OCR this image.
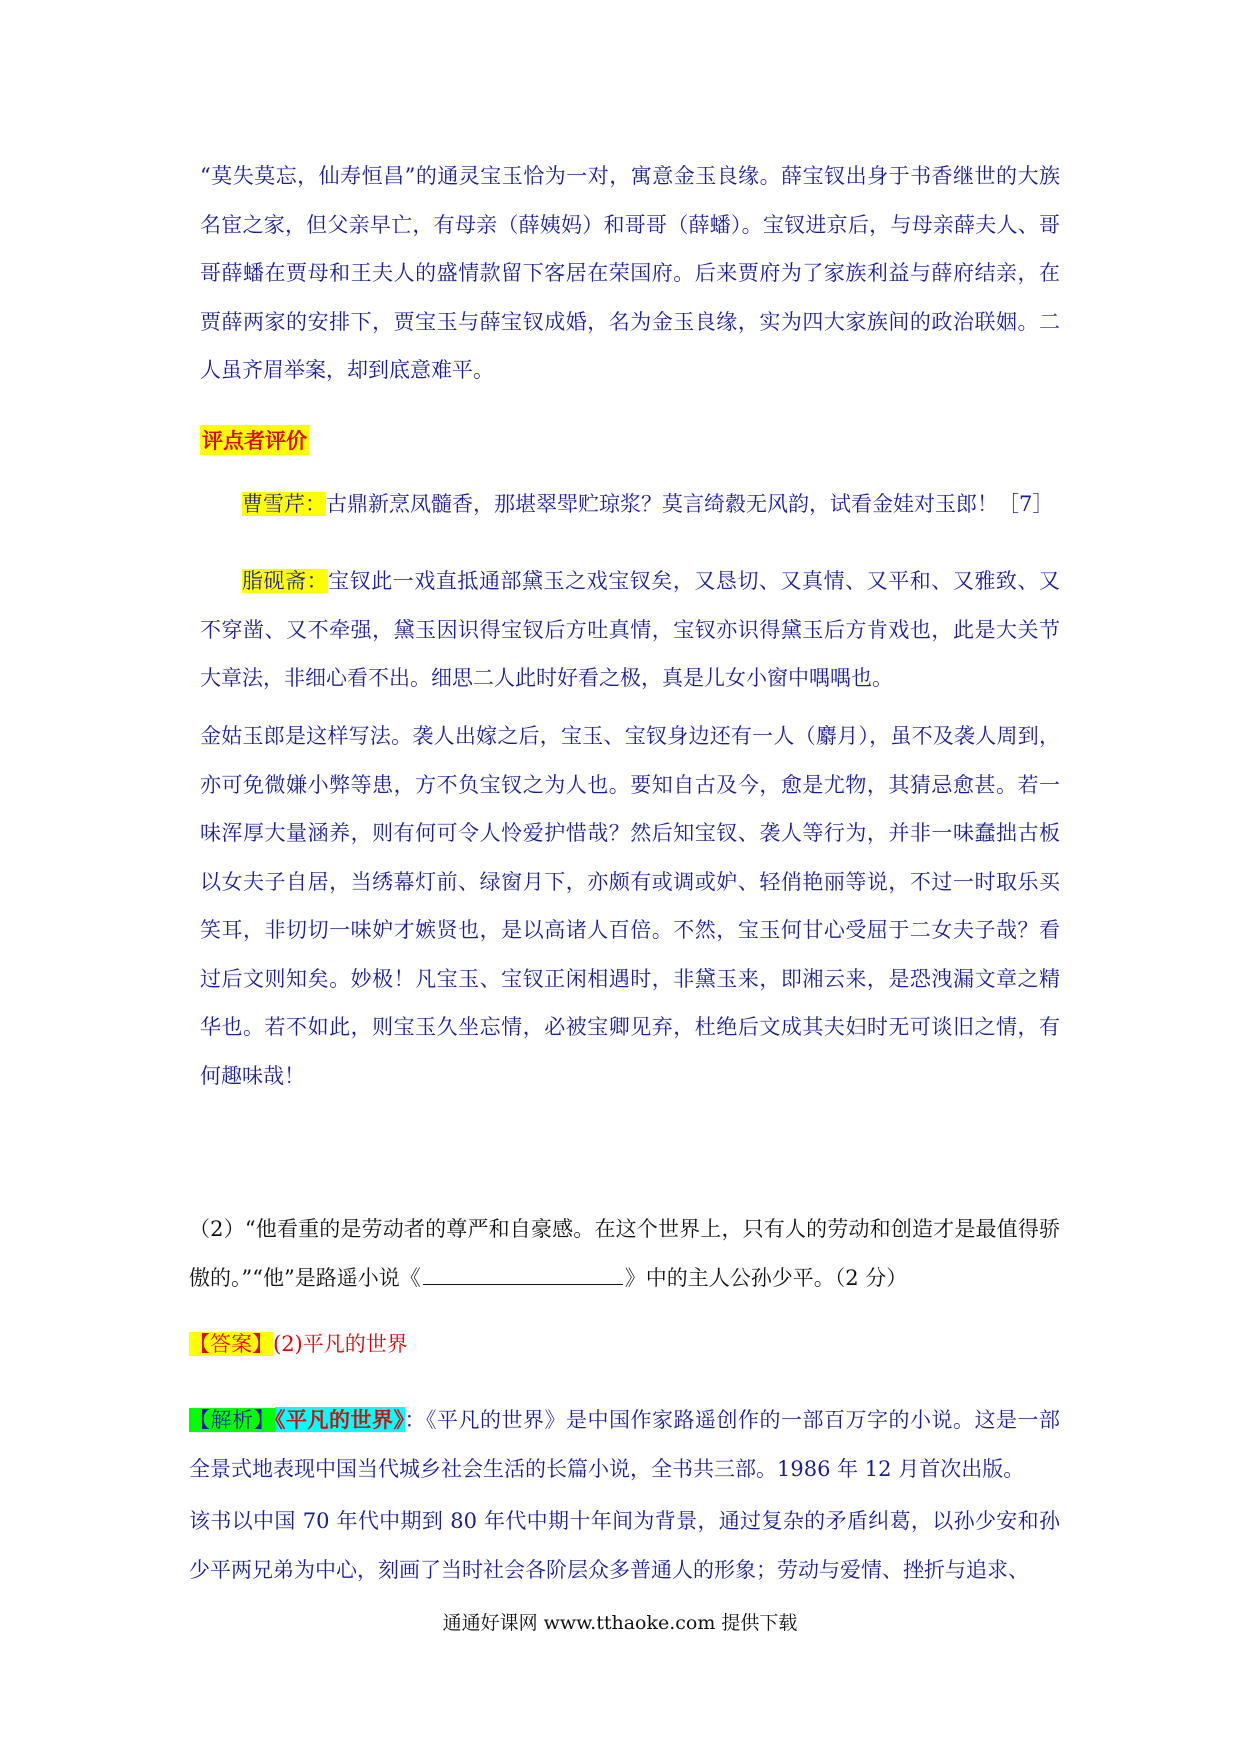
“莫失莫忘，仙寿恒昌”的通灵宝玉恰为一对，寓意金玉良缘。薛宝钗出身于书香继世的大族名宦之家，但父亲早亡，有母亲（薛姨妈）和哥哥（薛蟠）。宝钗进京后，与母亲薛夫人、哥哥薛蟠在贾母和王夫人的盛情款留下客居在荣国府。后来贾府为了家族利益与薛府结亲，在贾薛两家的安排下，贾宝玉与薛宝钗成婚，名为金玉良缘，实为四大家族间的政治联姻。二人虽齐眉举案，却到底意难平。

评点者评价

曹雪芹：古鼎新烹凤髓香，那堪翠斝贮琼浆？莫言绮縠无风韵，试看金娃对玉郎！［7］

脂砚斋：宝钗此一戏直抵通部黛玉之戏宝钗矣，又恳切、又真情、又平和、又雅致、又不穿凿、又不牵强，黛玉因识得宝钗后方吐真情，宝钗亦识得黛玉后方肯戏也，此是大关节大章法，非细心看不出。细思二人此时好看之极，真是儿女小窗中喁喁也。

金姑玉郎是这样写法。袭人出嫁之后，宝玉、宝钗身边还有一人（麝月），虽不及袭人周到，亦可免微嫌小弊等患，方不负宝钗之为人也。要知自古及今，愈是尤物，其猜忌愈甚。若一味浑厚大量涵养，则有何可令人怜爱护惜哉？然后知宝钗、袭人等行为，并非一味蠢拙古板以女夫子自居，当绣幕灯前、绿窗月下，亦颇有或调或妒、轻俏艳丽等说，不过一时取乐买笑耳，非切切一味妒才嫉贤也，是以高诸人百倍。不然，宝玉何甘心受屈于二女夫子哉？看过后文则知矣。妙极！凡宝玉、宝钗正闲相遇时，非黛玉来，即湘云来，是恐洩漏文章之精华也。若不如此，则宝玉久坐忘情，必被宝卿见弃，杜绝后文成其夫妇时无可谈旧之情，有何趣味哉！

（2）“他看重的是劳动者的尊严和自豪感。在这个世界上，只有人的劳动和创造才是最值得骄傲的。”“他”是路遥小说《	》中的主人公孙少平。（2 分）

【答案】(2)平凡的世界

【解析】《平凡的世界》：《平凡的世界》是中国作家路遥创作的一部百万字的小说。这是一部全景式地表现中国当代城乡社会生活的长篇小说，全书共三部。1986 年 12 月首次出版。

该书以中国 70 年代中期到 80 年代中期十年间为背景，通过复杂的矛盾纠葛，以孙少安和孙少平两兄弟为中心，刻画了当时社会各阶层众多普通人的形象；劳动与爱情、挫折与追求、

通通好课网 www.tthaoke.com 提供下载
